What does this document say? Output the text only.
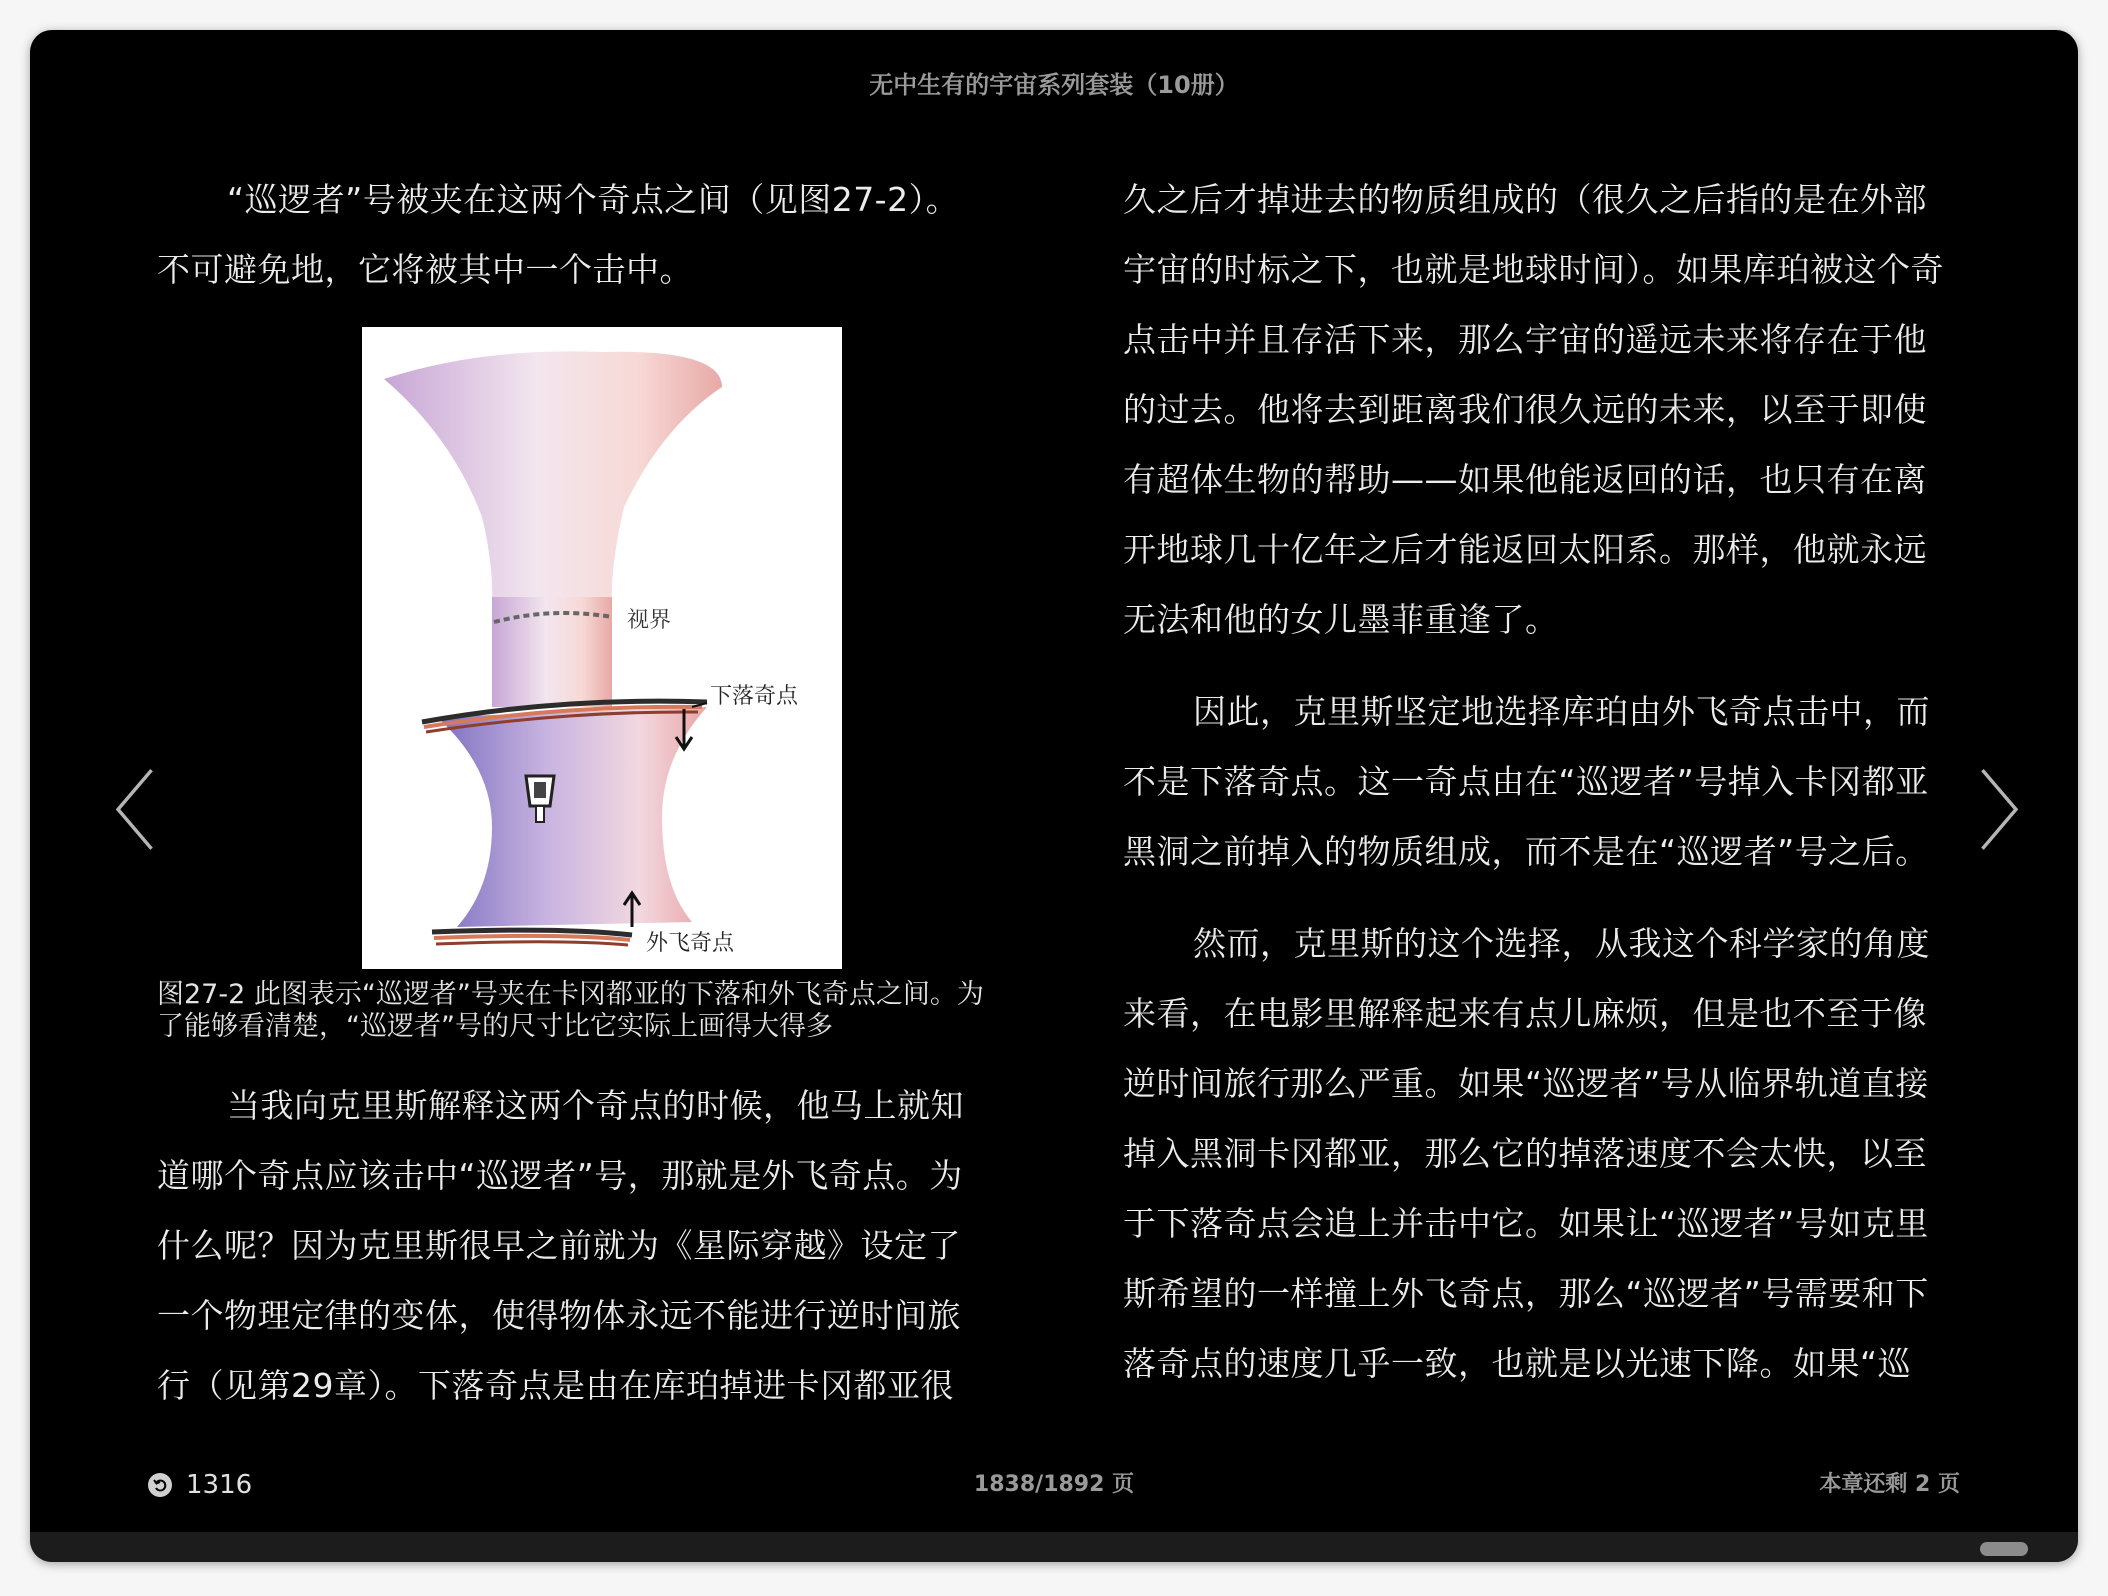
无中生有的宇宙系列套装（10册）

“巡逻者”号被夹在这两个奇点之间（见图27-2）。不可避免地，它将被其中一个击中。

视界
下落奇点
外飞奇点

图27-2 此图表示“巡逻者”号夹在卡冈都亚的下落和外飞奇点之间。为了能够看清楚，“巡逻者”号的尺寸比它实际上画得大得多

当我向克里斯解释这两个奇点的时候，他马上就知道哪个奇点应该击中“巡逻者”号，那就是外飞奇点。为什么呢？因为克里斯很早之前就为《星际穿越》设定了一个物理定律的变体，使得物体永远不能进行逆时间旅行（见第29章）。下落奇点是由在库珀掉进卡冈都亚很

久之后才掉进去的物质组成的（很久之后指的是在外部宇宙的时标之下，也就是地球时间）。如果库珀被这个奇点击中并且存活下来，那么宇宙的遥远未来将存在于他的过去。他将去到距离我们很久远的未来，以至于即使有超体生物的帮助——如果他能返回的话，也只有在离开地球几十亿年之后才能返回太阳系。那样，他就永远无法和他的女儿墨菲重逢了。

因此，克里斯坚定地选择库珀由外飞奇点击中，而不是下落奇点。这一奇点由在“巡逻者”号掉入卡冈都亚黑洞之前掉入的物质组成，而不是在“巡逻者”号之后。

然而，克里斯的这个选择，从我这个科学家的角度来看，在电影里解释起来有点儿麻烦，但是也不至于像逆时间旅行那么严重。如果“巡逻者”号从临界轨道直接掉入黑洞卡冈都亚，那么它的掉落速度不会太快，以至于下落奇点会追上并击中它。如果让“巡逻者”号如克里斯希望的一样撞上外飞奇点，那么“巡逻者”号需要和下落奇点的速度几乎一致，也就是以光速下降。如果“巡

〈	〉
1316	1838/1892 页	本章还剩 2 页
